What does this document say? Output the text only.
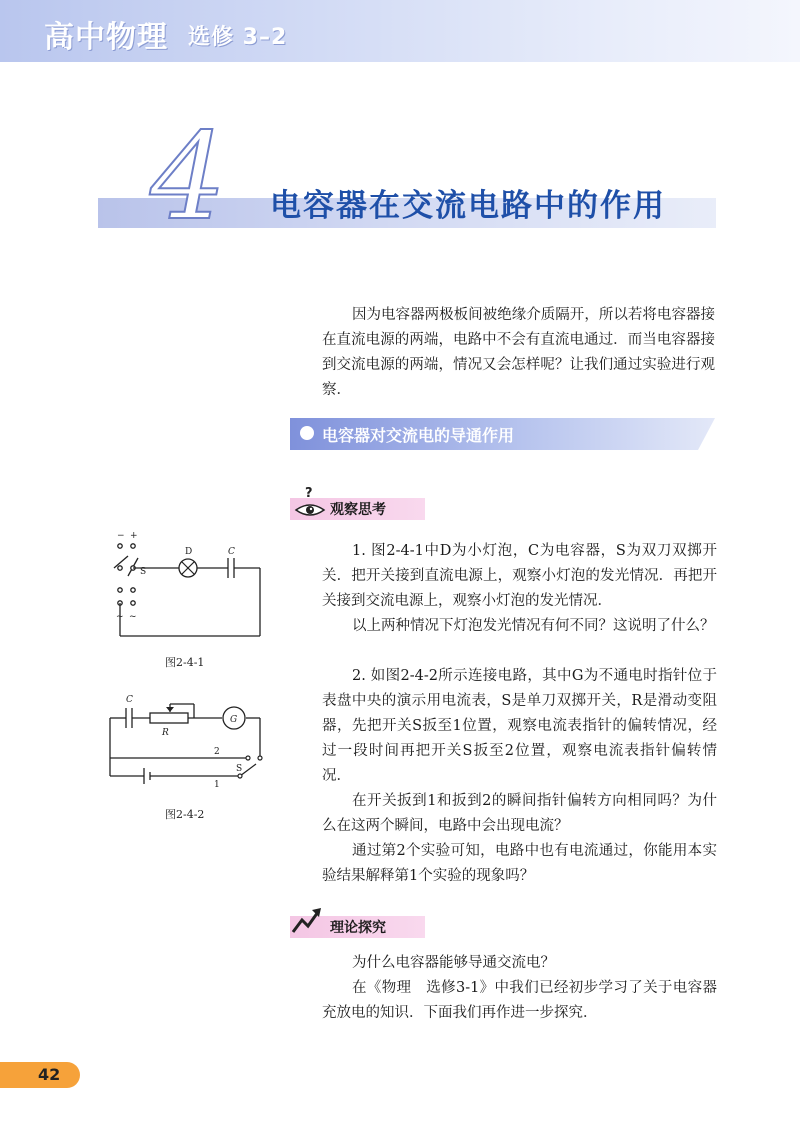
高中物理 选修 3–2
4 电容器在交流电路中的作用
因为电容器两极板间被绝缘介质隔开，所以若将电容器接在直流电源的两端，电路中不会有直流电通过．而当电容器接到交流电源的两端，情况又会怎样呢？让我们通过实验进行观察．
电容器对交流电的导通作用
?
观察思考
1. 图2-4-1中D为小灯泡，C为电容器，S为双刀双掷开关．把开关接到直流电源上，观察小灯泡的发光情况．再把开关接到交流电源上，观察小灯泡的发光情况．
以上两种情况下灯泡发光情况有何不同？这说明了什么？
2. 如图2-4-2所示连接电路，其中G为不通电时指针位于表盘中央的演示用电流表，S是单刀双掷开关，R是滑动变阻器，先把开关S扳至1位置，观察电流表指针的偏转情况，经过一段时间再把开关S扳至2位置，观察电流表指针偏转情况．
在开关扳到1和扳到2的瞬间指针偏转方向相同吗？为什么在这两个瞬间，电路中会出现电流？
通过第2个实验可知，电路中也有电流通过，你能用本实验结果解释第1个实验的现象吗？
− +
S
D	C
~ ~
图2-4-1
C
R
G
2
1
S
图2-4-2
理论探究
为什么电容器能够导通交流电？
在《物理　选修3-1》中我们已经初步学习了关于电容器充放电的知识．下面我们再作进一步探究．
42
